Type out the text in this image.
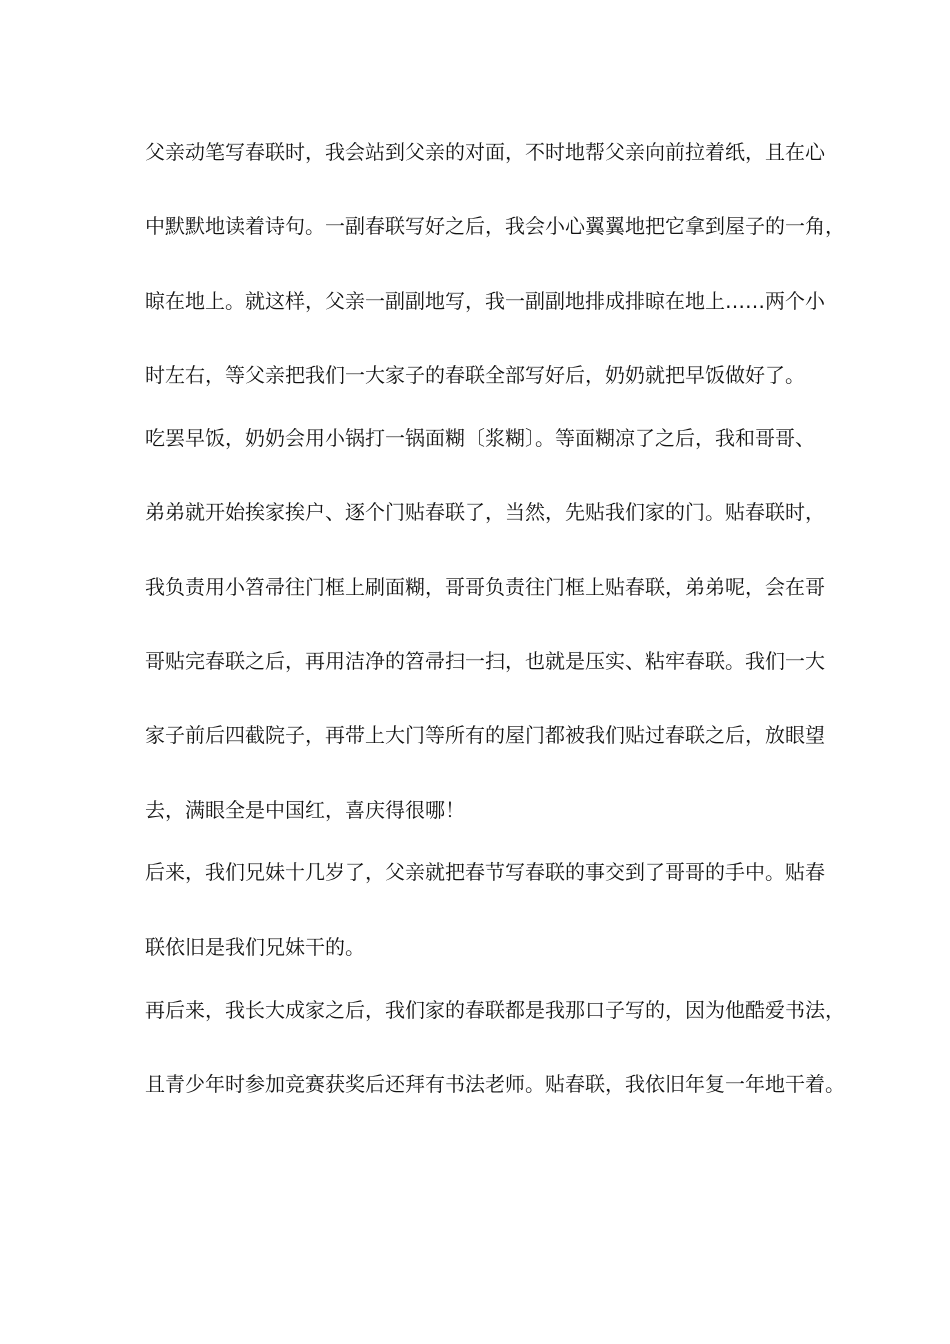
父亲动笔写春联时，我会站到父亲的对面，不时地帮父亲向前拉着纸，且在心
中默默地读着诗句。一副春联写好之后，我会小心翼翼地把它拿到屋子的一角，
晾在地上。就这样，父亲一副副地写，我一副副地排成排晾在地上……两个小
时左右，等父亲把我们一大家子的春联全部写好后，奶奶就把早饭做好了。
吃罢早饭，奶奶会用小锅打一锅面糊〔浆糊〕。等面糊凉了之后，我和哥哥、
弟弟就开始挨家挨户、逐个门贴春联了，当然，先贴我们家的门。贴春联时，
我负责用小笤帚往门框上刷面糊，哥哥负责往门框上贴春联，弟弟呢，会在哥
哥贴完春联之后，再用洁净的笤帚扫一扫，也就是压实、粘牢春联。我们一大
家子前后四截院子，再带上大门等所有的屋门都被我们贴过春联之后，放眼望
去，满眼全是中国红，喜庆得很哪！
后来，我们兄妹十几岁了，父亲就把春节写春联的事交到了哥哥的手中。贴春
联依旧是我们兄妹干的。
再后来，我长大成家之后，我们家的春联都是我那口子写的，因为他酷爱书法，
且青少年时参加竞赛获奖后还拜有书法老师。贴春联，我依旧年复一年地干着。
